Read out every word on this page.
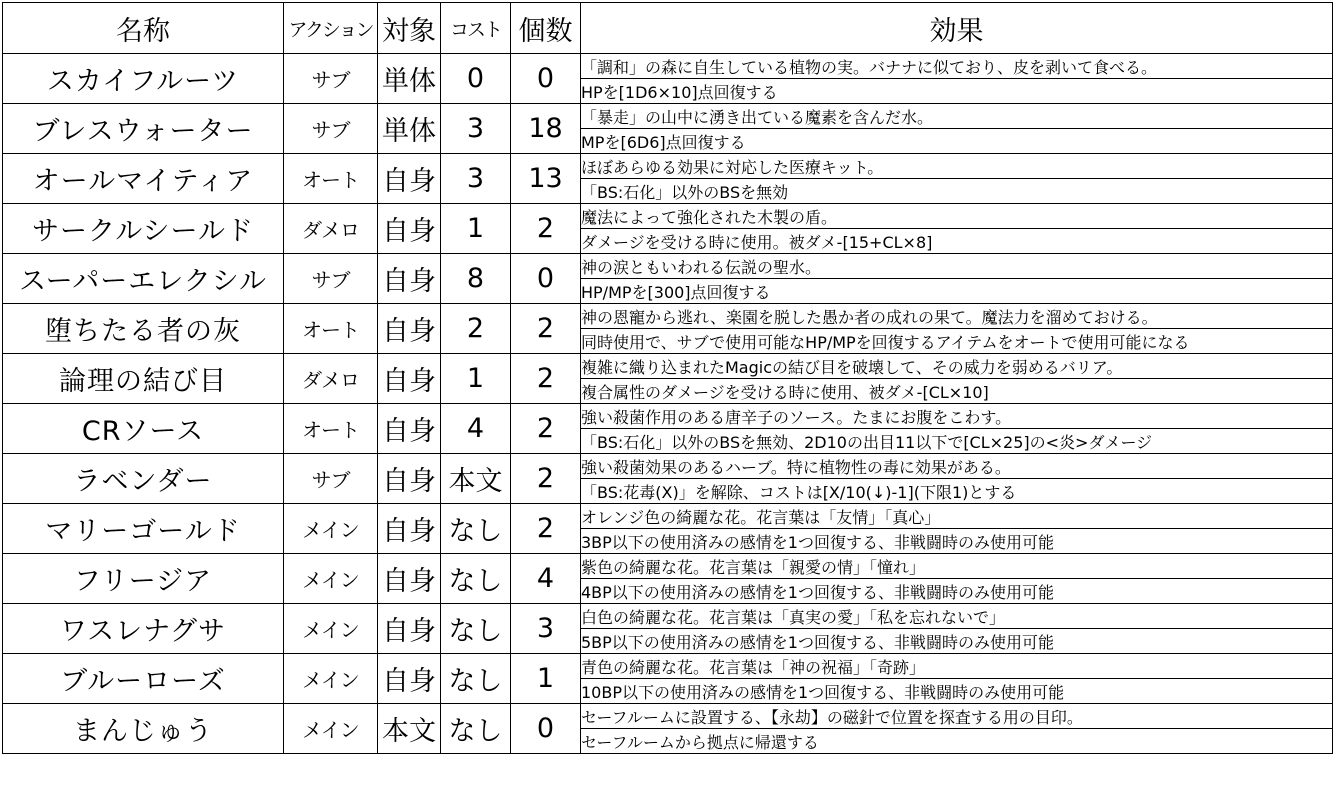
名称	アクション	対象	コスト	個数	効果
スカイフルーツ	サブ	単体	0	0	「調和」の森に自生している植物の実。バナナに似ており、皮を剥いて食べる。
					HPを[1D6×10]点回復する
ブレスウォーター	サブ	単体	3	18	「暴走」の山中に湧き出ている魔素を含んだ水。
					MPを[6D6]点回復する
オールマイティア	オート	自身	3	13	ほぼあらゆる効果に対応した医療キット。
					「BS:石化」以外のBSを無効
サークルシールド	ダメロ	自身	1	2	魔法によって強化された木製の盾。
					ダメージを受ける時に使用。被ダメ-[15+CL×8]
スーパーエレクシル	サブ	自身	8	0	神の涙ともいわれる伝説の聖水。
					HP/MPを[300]点回復する
堕ちたる者の灰	オート	自身	2	2	神の恩寵から逃れ、楽園を脱した愚か者の成れの果て。魔法力を溜めておける。
					同時使用で、サブで使用可能なHP/MPを回復するアイテムをオートで使用可能になる
論理の結び目	ダメロ	自身	1	2	複雑に織り込まれたMagicの結び目を破壊して、その威力を弱めるバリア。
					複合属性のダメージを受ける時に使用、被ダメ-[CL×10]
CRソース	オート	自身	4	2	強い殺菌作用のある唐辛子のソース。たまにお腹をこわす。
					「BS:石化」以外のBSを無効、2D10の出目11以下で[CL×25]の<炎>ダメージ
ラベンダー	サブ	自身	本文	2	強い殺菌効果のあるハーブ。特に植物性の毒に効果がある。
					「BS:花毒(X)」を解除、コストは[X/10(↓)-1](下限1)とする
マリーゴールド	メイン	自身	なし	2	オレンジ色の綺麗な花。花言葉は「友情」「真心」
					3BP以下の使用済みの感情を1つ回復する、非戦闘時のみ使用可能
フリージア	メイン	自身	なし	4	紫色の綺麗な花。花言葉は「親愛の情」「憧れ」
					4BP以下の使用済みの感情を1つ回復する、非戦闘時のみ使用可能
ワスレナグサ	メイン	自身	なし	3	白色の綺麗な花。花言葉は「真実の愛」「私を忘れないで」
					5BP以下の使用済みの感情を1つ回復する、非戦闘時のみ使用可能
ブルーローズ	メイン	自身	なし	1	青色の綺麗な花。花言葉は「神の祝福」「奇跡」
					10BP以下の使用済みの感情を1つ回復する、非戦闘時のみ使用可能
まんじゅう	メイン	本文	なし	0	セーフルームに設置する、【永劫】の磁針で位置を探査する用の目印。
					セーフルームから拠点に帰還する
